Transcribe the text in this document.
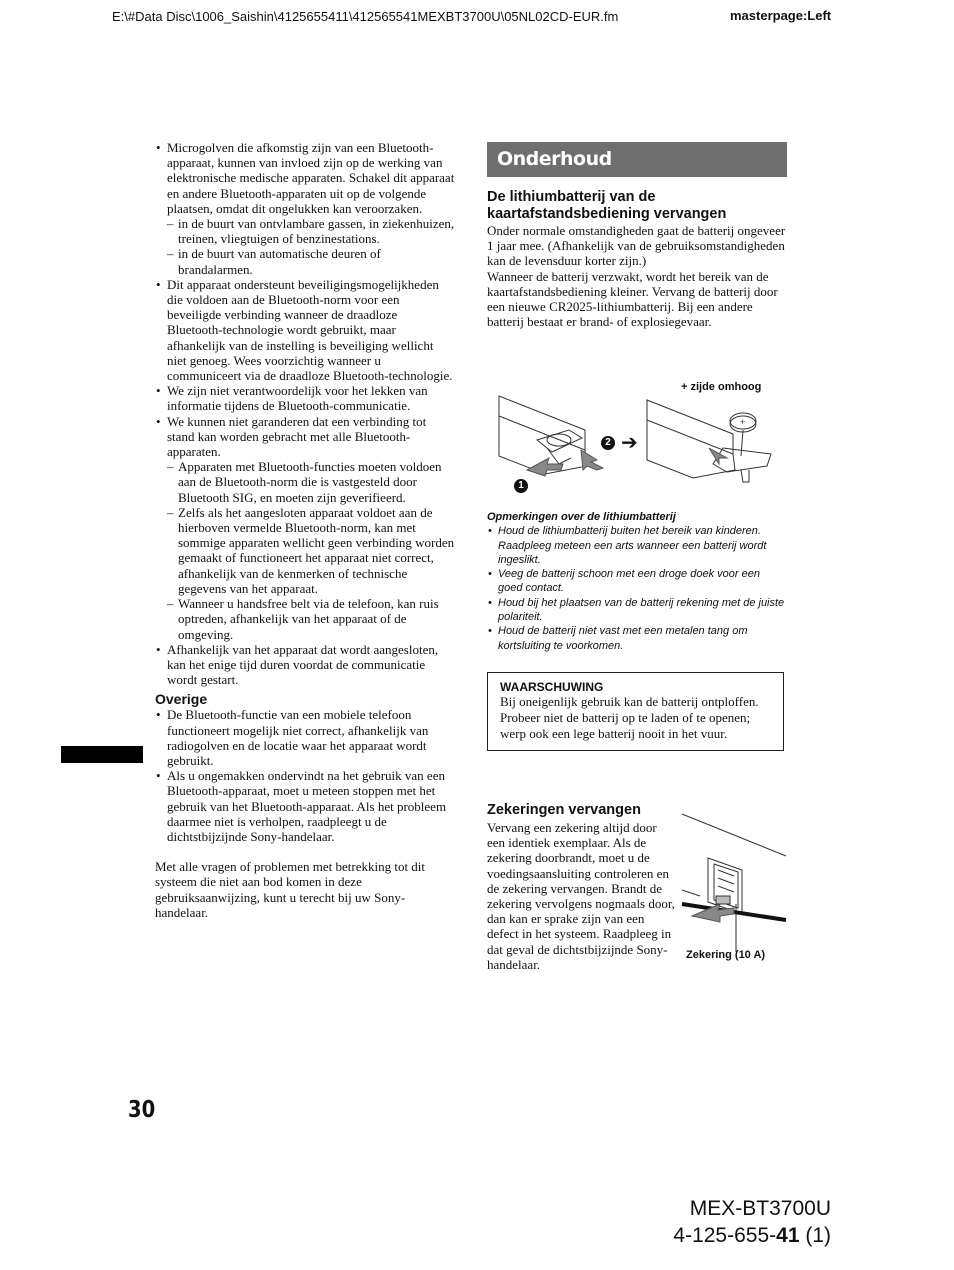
E:\#Data Disc\1006_Saishin\4125655411\412565541MEXBT3700U\05NL02CD-EUR.fm	masterpage:Left
• Microgolven die afkomstig zijn van een Bluetooth-apparaat, kunnen van invloed zijn op de werking van elektronische medische apparaten. Schakel dit apparaat en andere Bluetooth-apparaten uit op de volgende plaatsen, omdat dit ongelukken kan veroorzaken.
– in de buurt van ontvlambare gassen, in ziekenhuizen, treinen, vliegtuigen of benzinestations.
– in de buurt van automatische deuren of brandalarmen.
• Dit apparaat ondersteunt beveiligingsmogelijkheden die voldoen aan de Bluetooth-norm voor een beveiligde verbinding wanneer de draadloze Bluetooth-technologie wordt gebruikt, maar afhankelijk van de instelling is beveiliging wellicht niet genoeg. Wees voorzichtig wanneer u communiceert via de draadloze Bluetooth-technologie.
• We zijn niet verantwoordelijk voor het lekken van informatie tijdens de Bluetooth-communicatie.
• We kunnen niet garanderen dat een verbinding tot stand kan worden gebracht met alle Bluetooth-apparaten.
– Apparaten met Bluetooth-functies moeten voldoen aan de Bluetooth-norm die is vastgesteld door Bluetooth SIG, en moeten zijn geverifieerd.
– Zelfs als het aangesloten apparaat voldoet aan de hierboven vermelde Bluetooth-norm, kan met sommige apparaten wellicht geen verbinding worden gemaakt of functioneert het apparaat niet correct, afhankelijk van de kenmerken of technische gegevens van het apparaat.
– Wanneer u handsfree belt via de telefoon, kan ruis optreden, afhankelijk van het apparaat of de omgeving.
• Afhankelijk van het apparaat dat wordt aangesloten, kan het enige tijd duren voordat de communicatie wordt gestart.
Overige
• De Bluetooth-functie van een mobiele telefoon functioneert mogelijk niet correct, afhankelijk van radiogolven en de locatie waar het apparaat wordt gebruikt.
• Als u ongemakken ondervindt na het gebruik van een Bluetooth-apparaat, moet u meteen stoppen met het gebruik van het Bluetooth-apparaat. Als het probleem daarmee niet is verholpen, raadpleegt u de dichtstbijzijnde Sony-handelaar.

Met alle vragen of problemen met betrekking tot dit systeem die niet aan bod komen in deze gebruiksaanwijzing, kunt u terecht bij uw Sony-handelaar.

Onderhoud
De lithiumbatterij van de kaartafstandsbediening vervangen

Onder normale omstandigheden gaat de batterij ongeveer 1 jaar mee. (Afhankelijk van de gebruiksomstandigheden kan de levensduur korter zijn.)

Wanneer de batterij verzwakt, wordt het bereik van de kaartafstandsbediening kleiner. Vervang de batterij door een nieuwe CR2025-lithiumbatterij. Bij een andere batterij bestaat er brand- of explosiegevaar.

+ zijde omhoog
+
2 ➔
1
Opmerkingen over de lithiumbatterij
• Houd de lithiumbatterij buiten het bereik van kinderen. Raadpleeg meteen een arts wanneer een batterij wordt ingeslikt.
• Veeg de batterij schoon met een droge doek voor een goed contact.
• Houd bij het plaatsen van de batterij rekening met de juiste polariteit.
• Houd de batterij niet vast met een metalen tang om kortsluiting te voorkomen.
WAARSCHUWING

Bij oneigenlijk gebruik kan de batterij ontploffen.

Probeer niet de batterij op te laden of te openen; werp ook een lege batterij nooit in het vuur.

Zekeringen vervangen
Vervang een zekering altijd door een identiek exemplaar. Als de zekering doorbrandt, moet u de voedingsaansluiting controleren en de zekering vervangen. Brandt de zekering vervolgens nogmaals door, dan kan er sprake zijn van een defect in het systeem. Raadpleeg in dat geval de dichtstbijzijnde Sony-handelaar.
Zekering (10 A)
30
MEX-BT3700U
4-125-655-41 (1)
